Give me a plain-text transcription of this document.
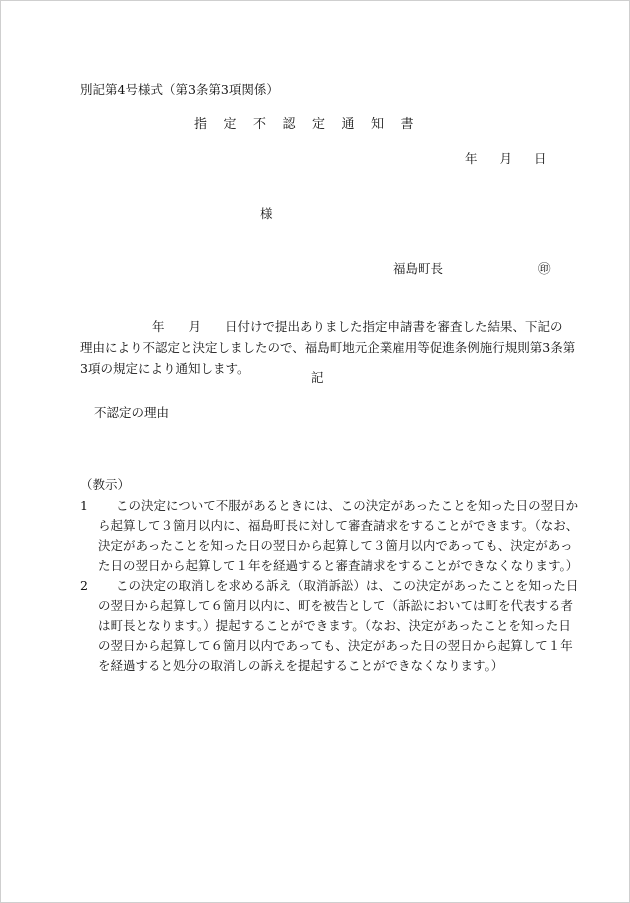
別記第4号様式（第3条第3項関係）
指定不認定通知書
年 月 日
様
福島町長	㊞
年 月 日付けで提出ありました指定申請書を審査した結果、下記の
理由により不認定と決定しましたので、福島町地元企業雇用等促進条例施行規則第3条第
3項の規定により通知します。
記
不認定の理由
（教示）
1	この決定について不服があるときには、この決定があったことを知った日の翌日か
ら起算して３箇月以内に、福島町長に対して審査請求をすることができます。（なお、
決定があったことを知った日の翌日から起算して３箇月以内であっても、決定があっ
た日の翌日から起算して１年を経過すると審査請求をすることができなくなります。）
2	この決定の取消しを求める訴え（取消訴訟）は、この決定があったことを知った日
の翌日から起算して６箇月以内に、町を被告として（訴訟においては町を代表する者
は町長となります。）提起することができます。（なお、決定があったことを知った日
の翌日から起算して６箇月以内であっても、決定があった日の翌日から起算して１年
を経過すると処分の取消しの訴えを提起することができなくなります。）
